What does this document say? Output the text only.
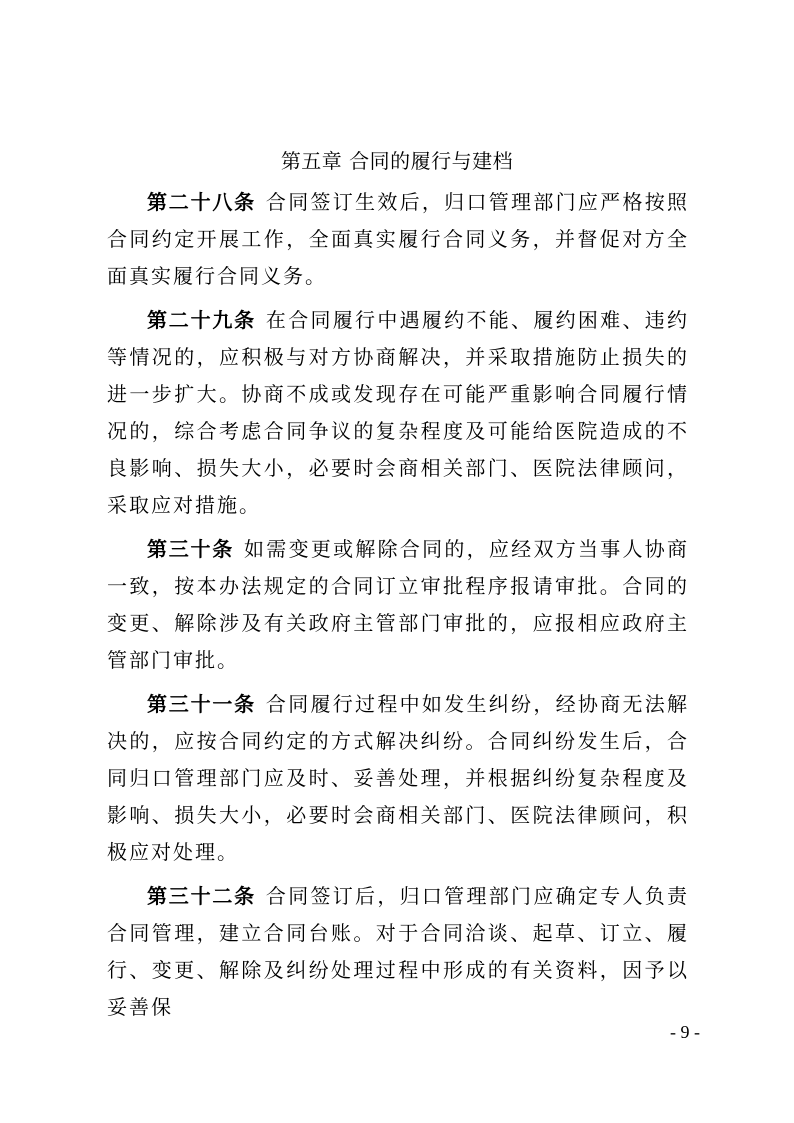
第五章 合同的履行与建档

第二十八条 合同签订生效后，归口管理部门应严格按照合同约定开展工作，全面真实履行合同义务，并督促对方全面真实履行合同义务。

第二十九条 在合同履行中遇履约不能、履约困难、违约等情况的，应积极与对方协商解决，并采取措施防止损失的进一步扩大。协商不成或发现存在可能严重影响合同履行情况的，综合考虑合同争议的复杂程度及可能给医院造成的不良影响、损失大小，必要时会商相关部门、医院法律顾问，采取应对措施。

第三十条 如需变更或解除合同的，应经双方当事人协商一致，按本办法规定的合同订立审批程序报请审批。合同的变更、解除涉及有关政府主管部门审批的，应报相应政府主管部门审批。

第三十一条 合同履行过程中如发生纠纷，经协商无法解决的，应按合同约定的方式解决纠纷。合同纠纷发生后，合同归口管理部门应及时、妥善处理，并根据纠纷复杂程度及影响、损失大小，必要时会商相关部门、医院法律顾问，积极应对处理。

第三十二条 合同签订后，归口管理部门应确定专人负责合同管理，建立合同台账。对于合同洽谈、起草、订立、履行、变更、解除及纠纷处理过程中形成的有关资料，因予以妥善保

- 9 -
